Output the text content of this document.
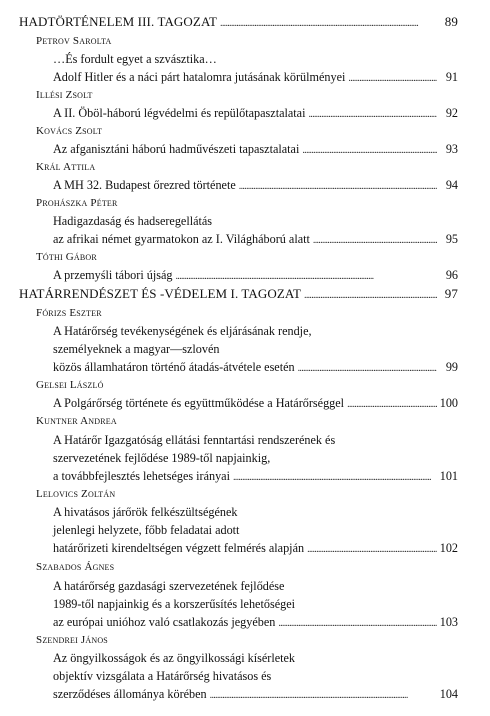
HADTÖRTÉNELEM III. TAGOZAT . . .	89
Petrov Sarolta
…És fordult egyet a szvásztika…
Adolf Hitler és a náci párt hatalomra jutásának körülményei . . .	91
Illési Zsolt
A II. Öböl-háború légvédelmi és repülőtapasztalatai . . .	92
Kovács Zsolt
Az afganisztáni háború hadművészeti tapasztalatai . . .	93
Král Attila
A MH 32. Budapest őrezred története . . .	94
Prohászka Péter
Hadigazdaság és hadseregellátás
az afrikai német gyarmatokon az I. Világháború alatt . . .	95
Tóthi Gábor
A przemyśli tábori újság . . .	96
HATÁRRENDÉSZET ÉS -VÉDELEM I. TAGOZAT . . .	97
Fórizs Eszter
A Határőrség tevékenységének és eljárásának rendje,
személyeknek a magyar—szlovén
közös államhatáron történő átadás-átvétele esetén . . .	99
Gelsei László
A Polgárőrség története és együttműködése a Határőrséggel . . .	100
Kuntner Andrea
A Határőr Igazgatóság ellátási fenntartási rendszerének és
szervezetének fejlődése 1989-től napjainkig,
a továbbfejlesztés lehetséges irányai . . .	101
Lelovics Zoltán
A hivatásos járőrök felkészültségének
jelenlegi helyzete, főbb feladatai adott
határőrizeti kirendeltségen végzett felmérés alapján . . .	102
Szabados Ágnes
A határőrség gazdasági szervezetének fejlődése
1989-től napjainkig és a korszerűsítés lehetőségei
az európai unióhoz való csatlakozás jegyében . . .	103
Szendrei János
Az öngyilkosságok és az öngyilkossági kísérletek
objektív vizsgálata a Határőrség hivatásos és
szerződéses állománya körében . . .	104
